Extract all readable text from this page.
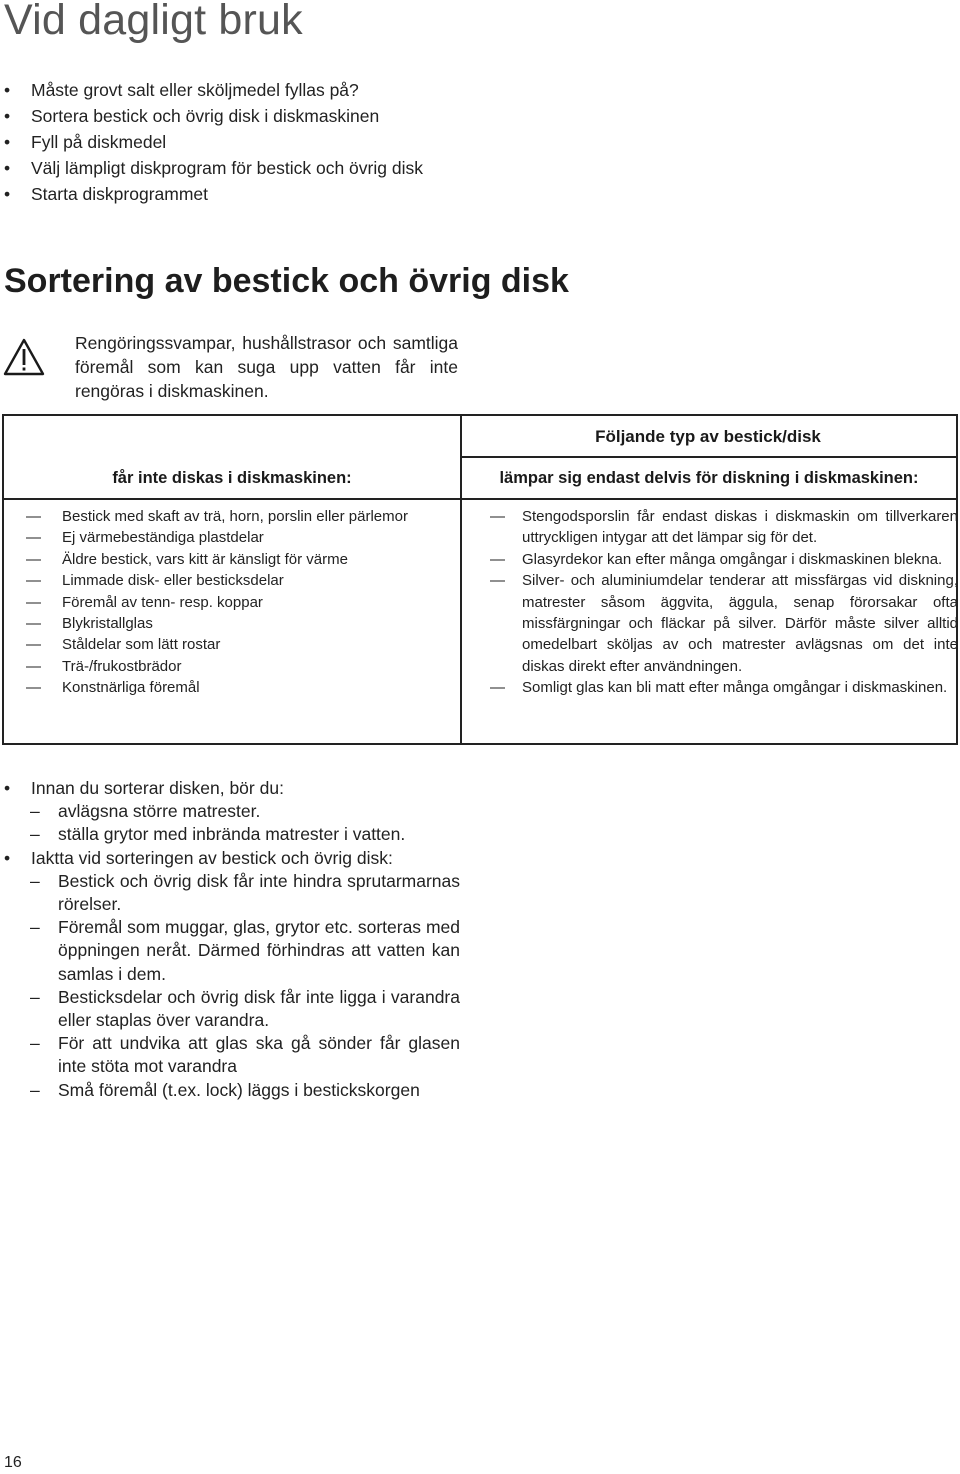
Vid dagligt bruk
• Måste grovt salt eller sköljmedel fyllas på?
• Sortera bestick och övrig disk i diskmaskinen
• Fyll på diskmedel
• Välj lämpligt diskprogram för bestick och övrig disk
• Starta diskprogrammet
Sortering av bestick och övrig disk

Rengöringssvampar, hushållstrasor och samtliga föremål som kan suga upp vatten får inte rengöras i diskmaskinen.

Följande typ av bestick/disk
får inte diskas i diskmaskinen:	lämpar sig endast delvis för diskning i diskmaskinen:
— Bestick med skaft av trä, horn, porslin eller pärlemor
— Ej värmebeständiga plastdelar
— Äldre bestick, vars kitt är känsligt för värme
— Limmade disk- eller besticksdelar
— Föremål av tenn- resp. koppar
— Blykristallglas
— Ståldelar som lätt rostar
— Trä-/frukostbrädor
— Konstnärliga föremål
— Stengodsporslin får endast diskas i diskmaskin om tillverkaren uttryckligen intygar att det lämpar sig för det.
— Glasyrdekor kan efter många omgångar i diskmaskinen blekna.
— Silver- och aluminiumdelar tenderar att missfärgas vid diskning, matrester såsom äggvita, äggula, senap förorsakar ofta missfärgningar och fläckar på silver. Därför måste silver alltid omedelbart sköljas av och matrester avlägsnas om det inte diskas direkt efter användningen.
— Somligt glas kan bli matt efter många omgångar i diskmaskinen.
• Innan du sorterar disken, bör du:
– avlägsna större matrester.
– ställa grytor med inbrända matrester i vatten.
• Iaktta vid sorteringen av bestick och övrig disk:
– Bestick och övrig disk får inte hindra sprutarmarnas rörelser.
– Föremål som muggar, glas, grytor etc. sorteras med öppningen neråt. Därmed förhindras att vatten kan samlas i dem.
– Besticksdelar och övrig disk får inte ligga i varandra eller staplas över varandra.
– För att undvika att glas ska gå sönder får glasen inte stöta mot varandra
– Små föremål (t.ex. lock) läggs i bestickskorgen
16
